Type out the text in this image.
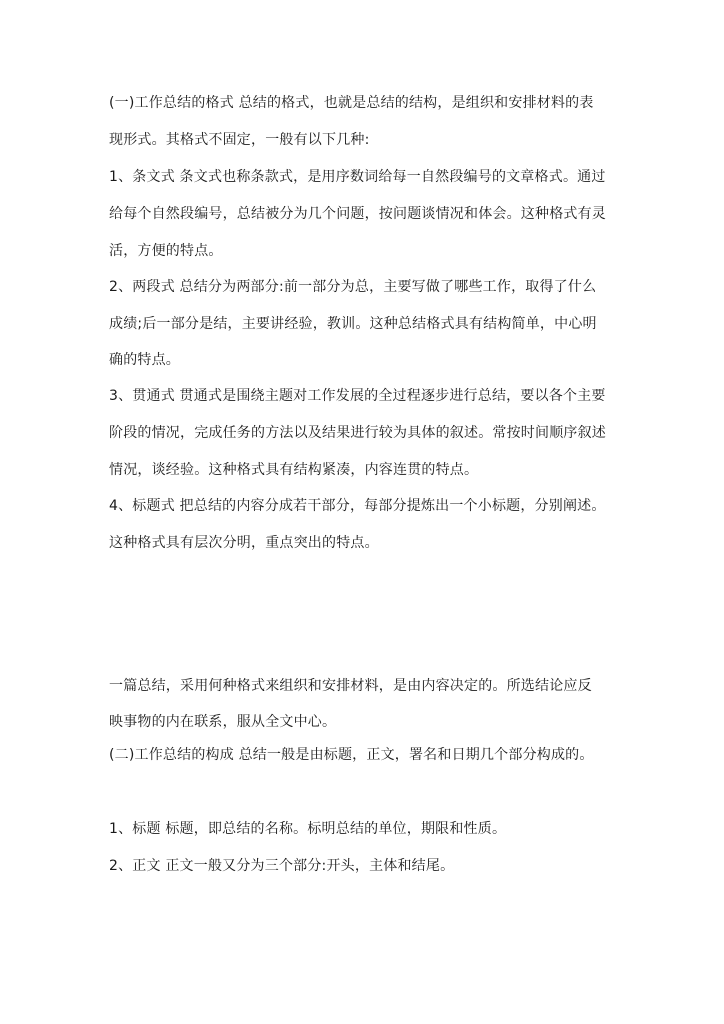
(一)工作总结的格式 总结的格式，也就是总结的结构，是组织和安排材料的表
现形式。其格式不固定，一般有以下几种:
1、条文式 条文式也称条款式，是用序数词给每一自然段编号的文章格式。通过
给每个自然段编号，总结被分为几个问题，按问题谈情况和体会。这种格式有灵
活，方便的特点。
2、两段式 总结分为两部分:前一部分为总，主要写做了哪些工作，取得了什么
成绩;后一部分是结，主要讲经验，教训。这种总结格式具有结构简单，中心明
确的特点。
3、贯通式 贯通式是围绕主题对工作发展的全过程逐步进行总结，要以各个主要
阶段的情况，完成任务的方法以及结果进行较为具体的叙述。常按时间顺序叙述
情况，谈经验。这种格式具有结构紧凑，内容连贯的特点。
4、标题式 把总结的内容分成若干部分，每部分提炼出一个小标题，分别阐述。
这种格式具有层次分明，重点突出的特点。
一篇总结，采用何种格式来组织和安排材料，是由内容决定的。所选结论应反
映事物的内在联系，服从全文中心。
(二)工作总结的构成 总结一般是由标题，正文，署名和日期几个部分构成的。
1、标题 标题，即总结的名称。标明总结的单位，期限和性质。
2、正文 正文一般又分为三个部分:开头，主体和结尾。
